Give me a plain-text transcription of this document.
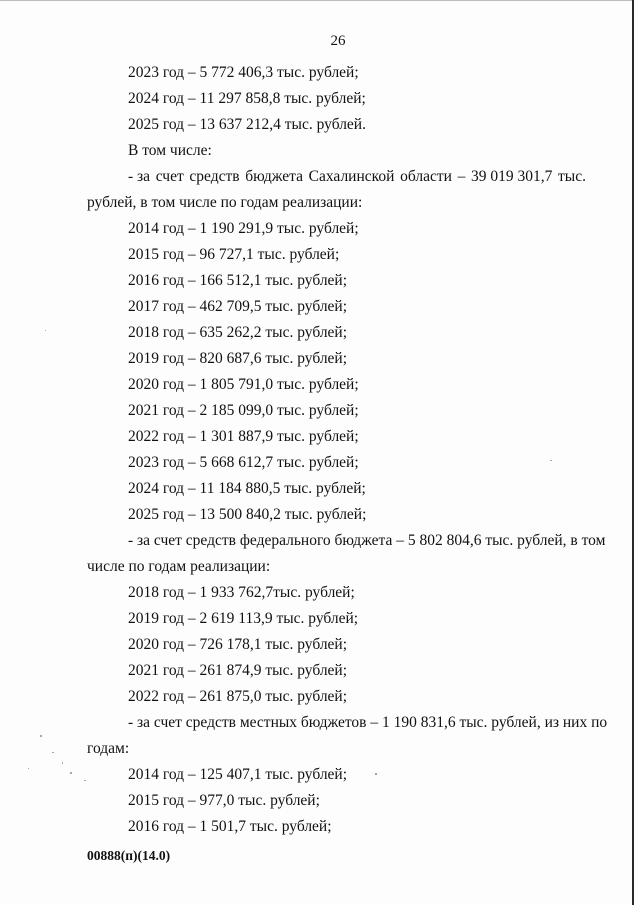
26
2023 год – 5 772 406,3 тыс. рублей;
2024 год – 11 297 858,8 тыс. рублей;
2025 год – 13 637 212,4 тыс. рублей.
В том числе:
- за счет средств бюджета Сахалинской области – 39 019 301,7 тыс.
рублей, в том числе по годам реализации:
2014 год – 1 190 291,9 тыс. рублей;
2015 год – 96 727,1 тыс. рублей;
2016 год – 166 512,1 тыс. рублей;
2017 год – 462 709,5 тыс. рублей;
2018 год – 635 262,2 тыс. рублей;
2019 год – 820 687,6 тыс. рублей;
2020 год – 1 805 791,0 тыс. рублей;
2021 год – 2 185 099,0 тыс. рублей;
2022 год – 1 301 887,9 тыс. рублей;
2023 год – 5 668 612,7 тыс. рублей;
2024 год – 11 184 880,5 тыс. рублей;
2025 год – 13 500 840,2 тыс. рублей;
- за счет средств федерального бюджета – 5 802 804,6 тыс. рублей, в том
числе по годам реализации:
2018 год – 1 933 762,7тыс. рублей;
2019 год – 2 619 113,9 тыс. рублей;
2020 год – 726 178,1 тыс. рублей;
2021 год – 261 874,9 тыс. рублей;
2022 год – 261 875,0 тыс. рублей;
- за счет средств местных бюджетов – 1 190 831,6 тыс. рублей, из них по
годам:
2014 год – 125 407,1 тыс. рублей;
2015 год – 977,0 тыс. рублей;
2016 год – 1 501,7 тыс. рублей;
00888(п)(14.0)
